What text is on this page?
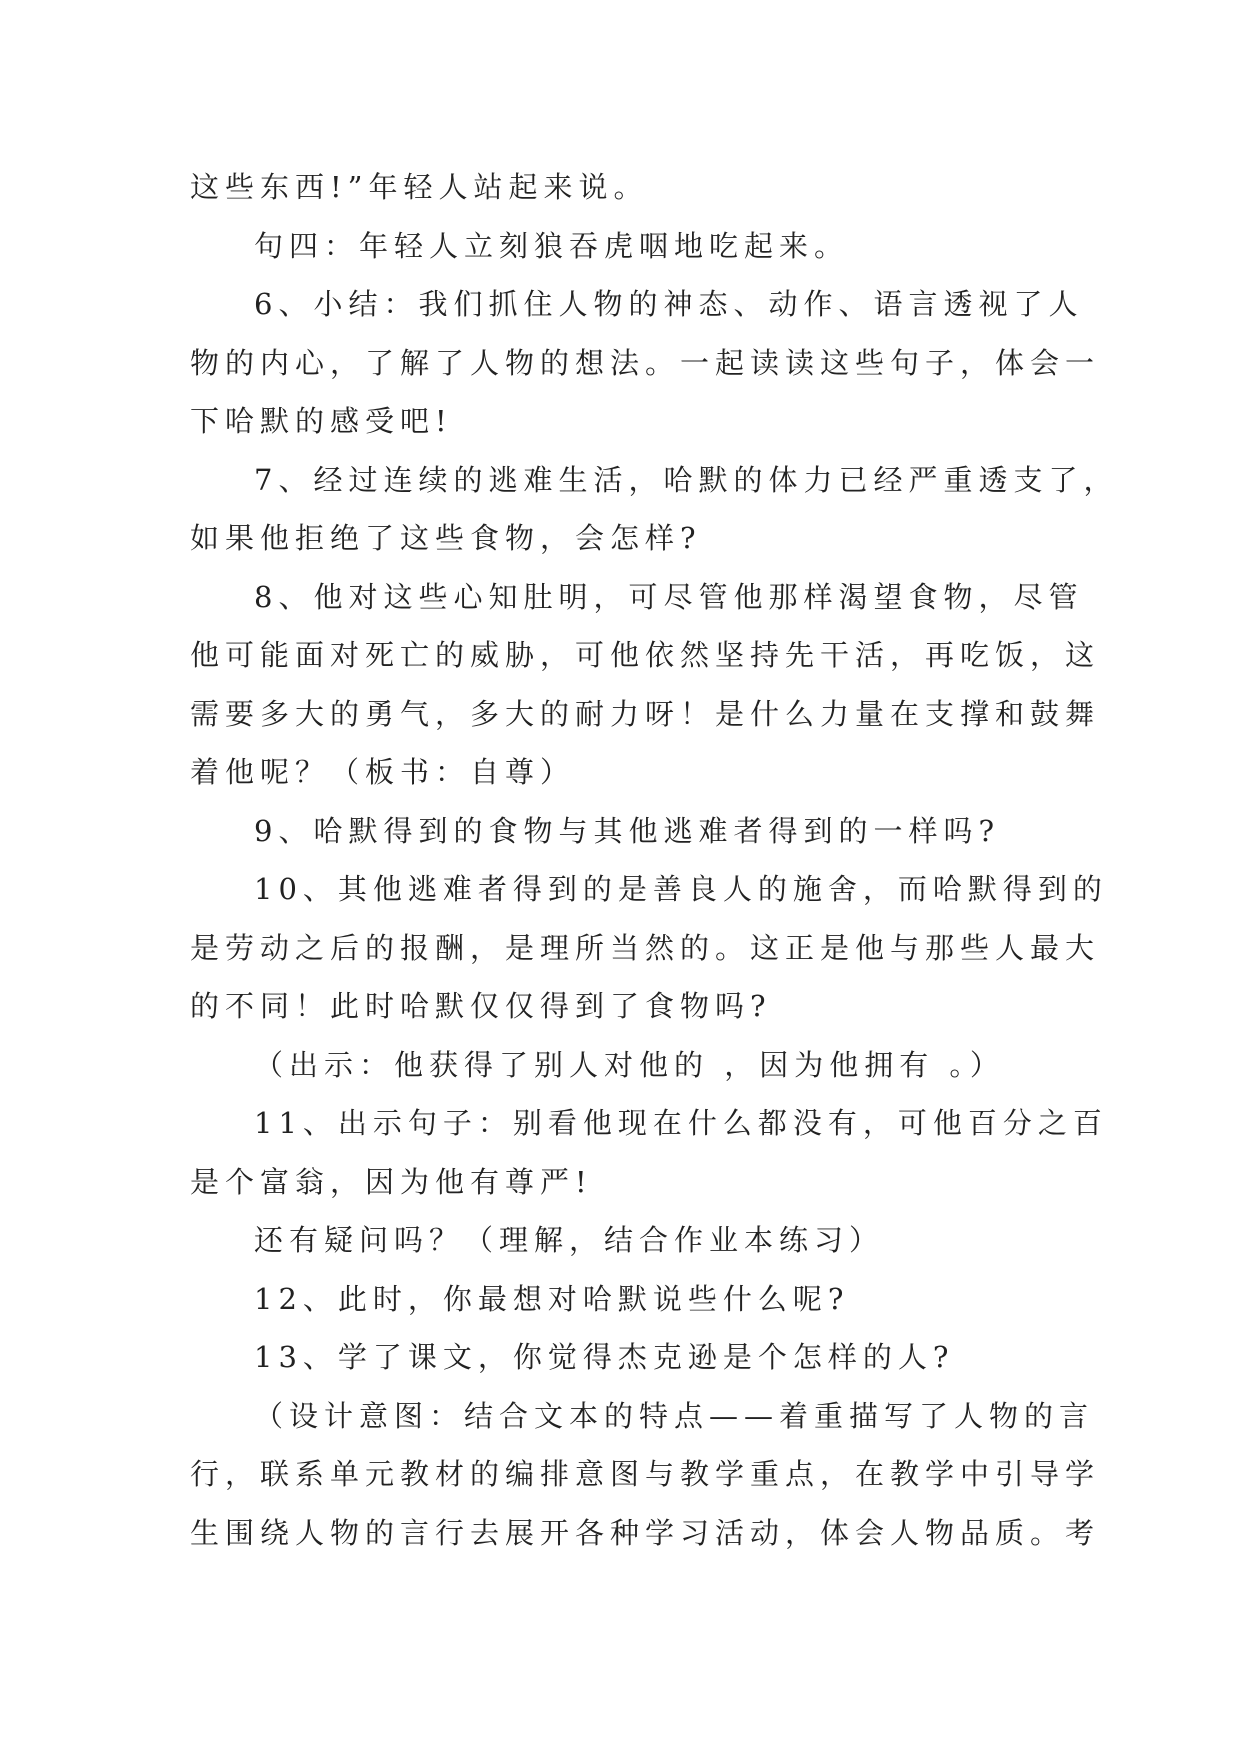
这些东西!”年轻人站起来说。
句四：年轻人立刻狼吞虎咽地吃起来。
6、小结：我们抓住人物的神态、动作、语言透视了人
物的内心，了解了人物的想法。一起读读这些句子，体会一
下哈默的感受吧!
7、经过连续的逃难生活，哈默的体力已经严重透支了，
如果他拒绝了这些食物，会怎样?
8、他对这些心知肚明，可尽管他那样渴望食物，尽管
他可能面对死亡的威胁，可他依然坚持先干活，再吃饭，这
需要多大的勇气，多大的耐力呀！是什么力量在支撑和鼓舞
着他呢？（板书：自尊）
9、哈默得到的食物与其他逃难者得到的一样吗?
10、其他逃难者得到的是善良人的施舍，而哈默得到的
是劳动之后的报酬，是理所当然的。这正是他与那些人最大
的不同！此时哈默仅仅得到了食物吗?
（出示：他获得了别人对他的 ，因为他拥有 。）
11、出示句子：别看他现在什么都没有，可他百分之百
是个富翁，因为他有尊严!
还有疑问吗？（理解，结合作业本练习）
12、此时，你最想对哈默说些什么呢?
13、学了课文，你觉得杰克逊是个怎样的人?
（设计意图：结合文本的特点——着重描写了人物的言
行，联系单元教材的编排意图与教学重点，在教学中引导学
生围绕人物的言行去展开各种学习活动，体会人物品质。考
